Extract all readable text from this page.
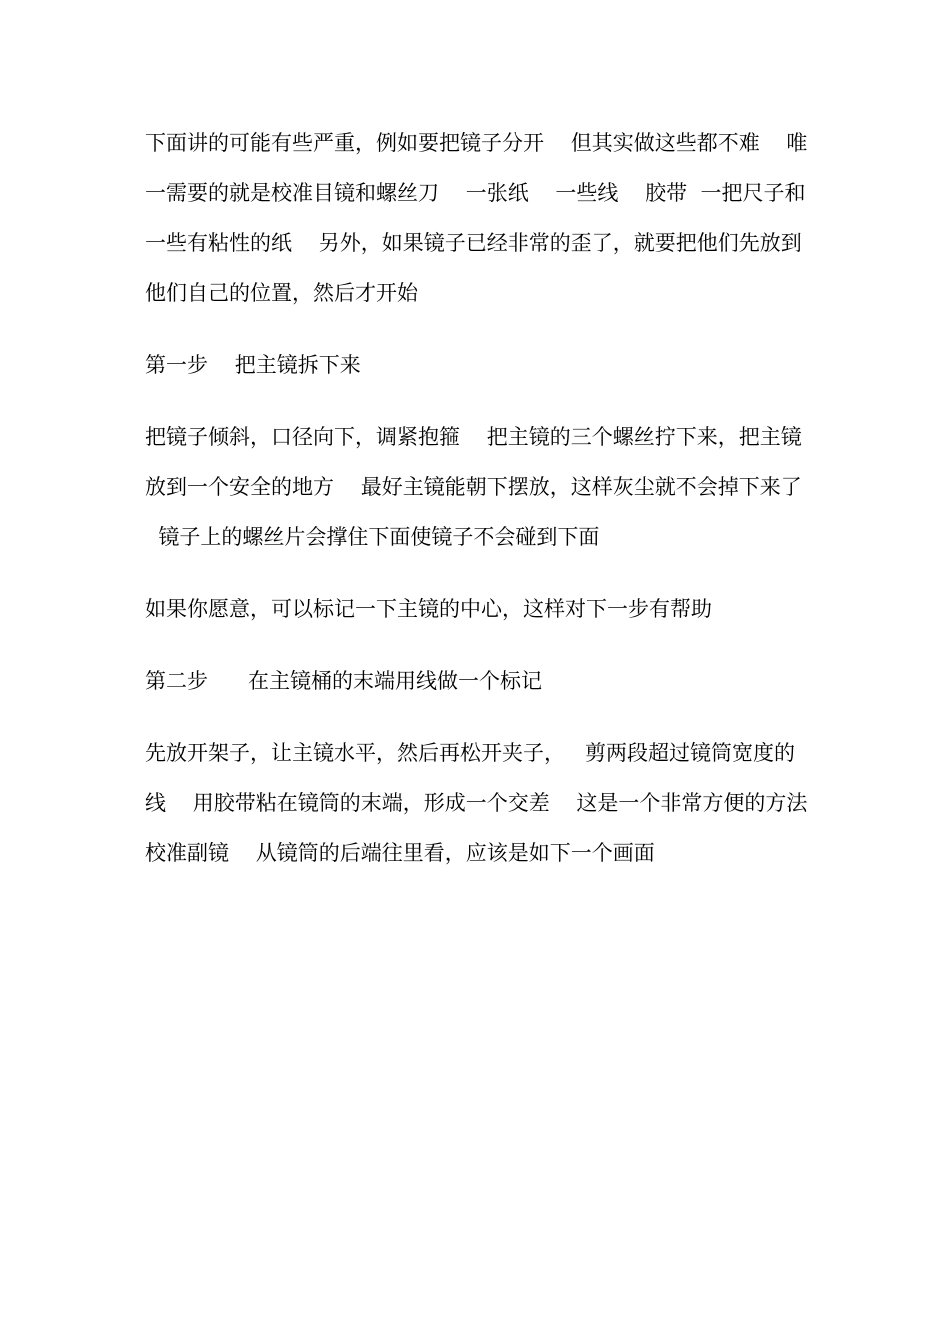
下面讲的可能有些严重，例如要把镜子分开    但其实做这些都不难    唯
一需要的就是校准目镜和螺丝刀    一张纸    一些线    胶带  一把尺子和
一些有粘性的纸    另外，如果镜子已经非常的歪了，就要把他们先放到
他们自己的位置，然后才开始
第一步    把主镜拆下来
把镜子倾斜，口径向下，调紧抱箍    把主镜的三个螺丝拧下来，把主镜
放到一个安全的地方    最好主镜能朝下摆放，这样灰尘就不会掉下来了
镜子上的螺丝片会撑住下面使镜子不会碰到下面
如果你愿意，可以标记一下主镜的中心，这样对下一步有帮助
第二步      在主镜桶的末端用线做一个标记
先放开架子，让主镜水平，然后再松开夹子，   剪两段超过镜筒宽度的
线    用胶带粘在镜筒的末端，形成一个交差    这是一个非常方便的方法
校准副镜    从镜筒的后端往里看，应该是如下一个画面
